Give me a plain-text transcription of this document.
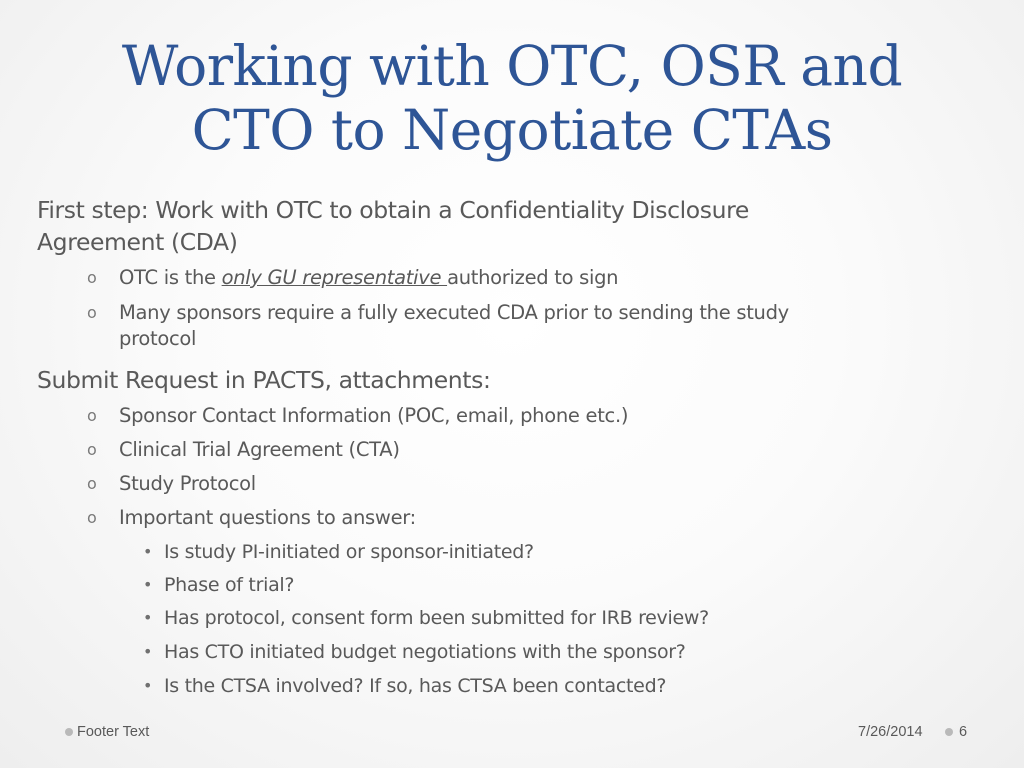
Working with OTC, OSR and
CTO to Negotiate CTAs
First step: Work with OTC to obtain a Confidentiality Disclosure
Agreement (CDA)
o OTC is the only GU representative authorized to sign
o Many sponsors require a fully executed CDA prior to sending the study
protocol
Submit Request in PACTS, attachments:
o Sponsor Contact Information (POC, email, phone etc.)
o Clinical Trial Agreement (CTA)
o Study Protocol
o Important questions to answer:
• Is study PI-initiated or sponsor-initiated?
• Phase of trial?
• Has protocol, consent form been submitted for IRB review?
• Has CTO initiated budget negotiations with the sponsor?
• Is the CTSA involved? If so, has CTSA been contacted?
Footer Text	7/26/2014	6
